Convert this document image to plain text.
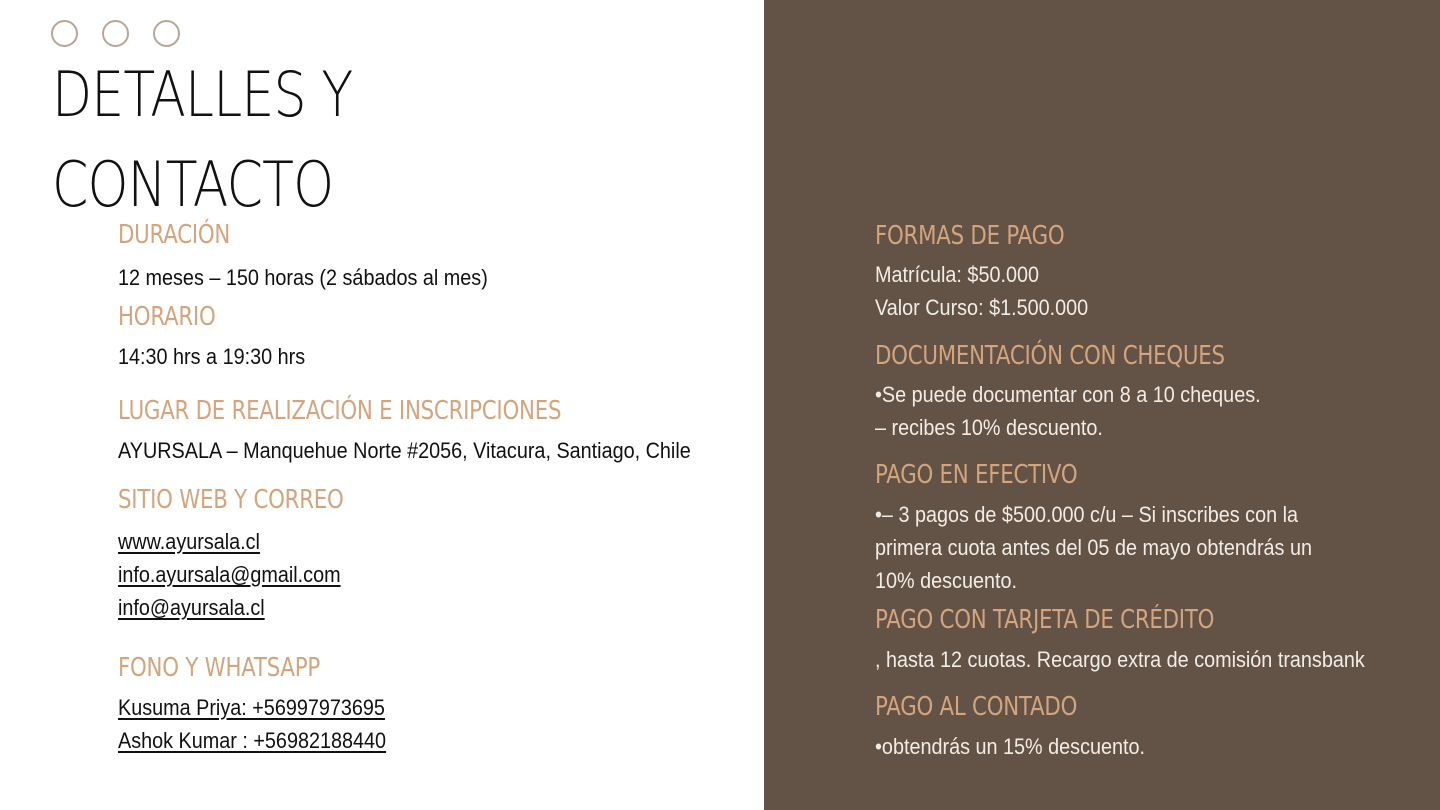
DETALLES Y
CONTACTO
DURACIÓN
12 meses – 150 horas (2 sábados al mes)
HORARIO
14:30 hrs a 19:30 hrs
LUGAR DE REALIZACIÓN E INSCRIPCIONES
AYURSALA – Manquehue Norte #2056, Vitacura, Santiago, Chile
SITIO WEB Y CORREO
www.ayursala.cl
info.ayursala@gmail.com
info@ayursala.cl
FONO Y WHATSAPP
Kusuma Priya: +56997973695
Ashok Kumar : +56982188440
FORMAS DE PAGO
Matrícula: $50.000
Valor Curso: $1.500.000
DOCUMENTACIÓN CON CHEQUES
•Se puede documentar con 8 a 10 cheques.
– recibes 10% descuento.
PAGO EN EFECTIVO
•– 3 pagos de $500.000 c/u – Si inscribes con la
primera cuota antes del 05 de mayo obtendrás un
10% descuento.
PAGO CON TARJETA DE CRÉDITO
, hasta 12 cuotas. Recargo extra de comisión transbank
PAGO AL CONTADO
•obtendrás un 15% descuento.
